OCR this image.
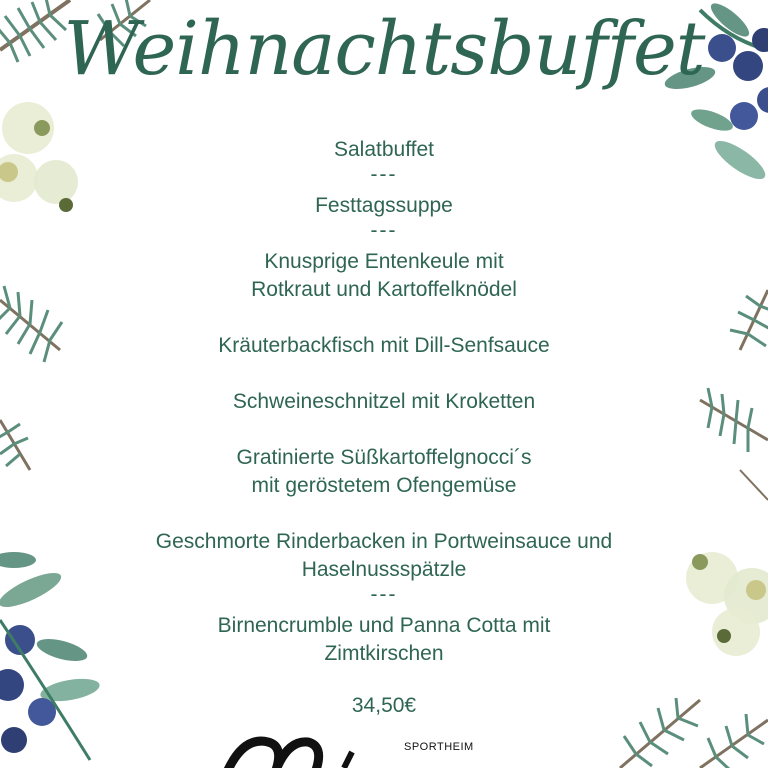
Weihnachtsbuffet
Salatbuffet
---
Festtagssuppe
---
Knusprige Entenkeule mit
Rotkraut und Kartoffelknödel
Kräuterbackfisch mit Dill-Senfsauce
Schweineschnitzel mit Kroketten
Gratinierte Süßkartoffelgnocci´s
mit geröstetem Ofengemüse
Geschmorte Rinderbacken in Portweinsauce und
Haselnussspätzle
---
Birnencrumble und Panna Cotta mit
Zimtkirschen
34,50€
SPORTHEIM
